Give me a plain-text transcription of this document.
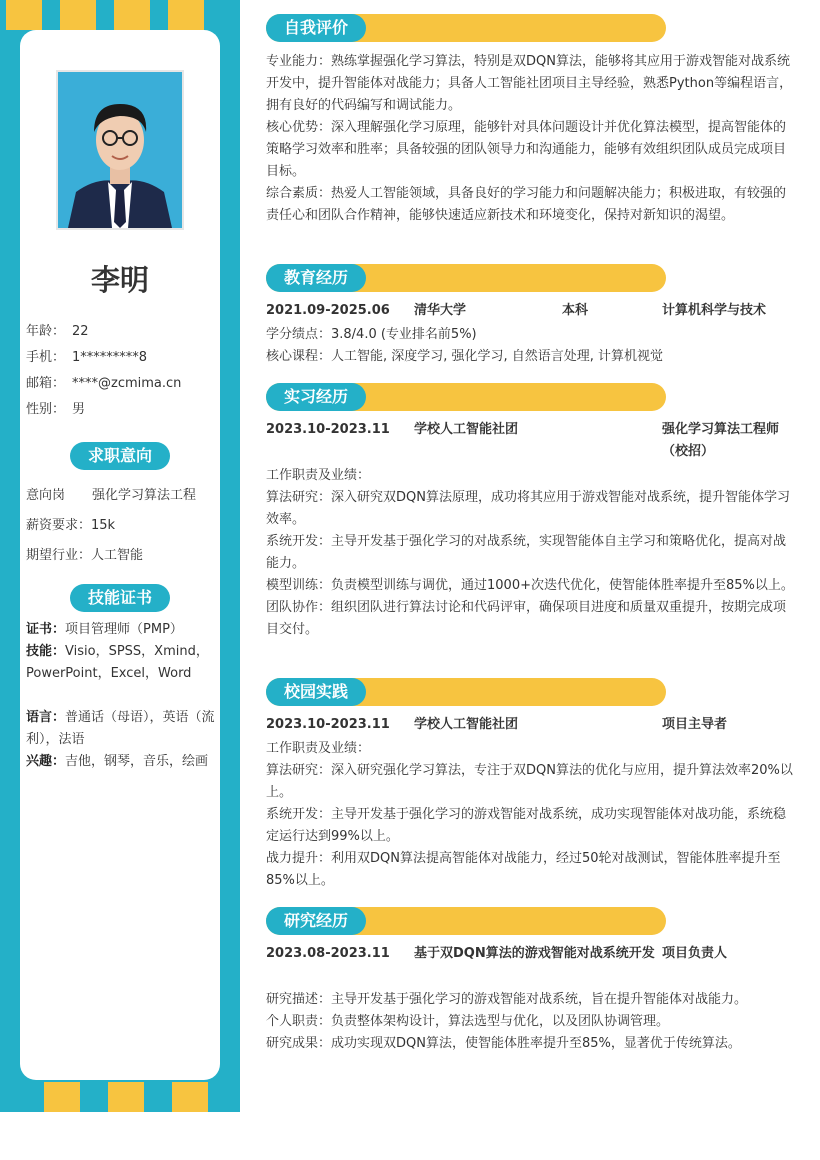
李明
年龄： 22
手机： 1*********8
邮箱： ****@zcmima.cn
性别： 男
求职意向
意向岗 强化学习算法工程
薪资要求：15k
期望行业：人工智能
技能证书
证书：项目管理师（PMP）
技能：Visio，SPSS，Xmind，PowerPoint，Excel，Word
语言：普通话（母语），英语（流利），法语
兴趣：吉他，钢琴，音乐，绘画
自我评价
专业能力：熟练掌握强化学习算法，特别是双DQN算法，能够将其应用于游戏智能对战系统开发中，提升智能体对战能力；具备人工智能社团项目主导经验，熟悉Python等编程语言，拥有良好的代码编写和调试能力。
核心优势：深入理解强化学习原理，能够针对具体问题设计并优化算法模型，提高智能体的策略学习效率和胜率；具备较强的团队领导力和沟通能力，能够有效组织团队成员完成项目目标。
综合素质：热爱人工智能领域，具备良好的学习能力和问题解决能力；积极进取，有较强的责任心和团队合作精神，能够快速适应新技术和环境变化，保持对新知识的渴望。
教育经历
2021.09-2025.06 清华大学	本科	计算机科学与技术
学分绩点：3.8/4.0 (专业排名前5%)
核心课程：人工智能, 深度学习, 强化学习, 自然语言处理, 计算机视觉
实习经历
2023.10-2023.11 学校人工智能社团	强化学习算法工程师（校招）
工作职责及业绩：
算法研究：深入研究双DQN算法原理，成功将其应用于游戏智能对战系统，提升智能体学习效率。
系统开发：主导开发基于强化学习的对战系统，实现智能体自主学习和策略优化，提高对战能力。
模型训练：负责模型训练与调优，通过1000+次迭代优化，使智能体胜率提升至85%以上。
团队协作：组织团队进行算法讨论和代码评审，确保项目进度和质量双重提升，按期完成项目交付。
校园实践
2023.10-2023.11 学校人工智能社团	项目主导者
工作职责及业绩：
算法研究：深入研究强化学习算法，专注于双DQN算法的优化与应用，提升算法效率20%以上。
系统开发：主导开发基于强化学习的游戏智能对战系统，成功实现智能体对战功能，系统稳定运行达到99%以上。
战力提升：利用双DQN算法提高智能体对战能力，经过50轮对战测试，智能体胜率提升至85%以上。
研究经历
2023.08-2023.11 基于双DQN算法的游戏智能对战系统开发 项目负责人
研究描述：主导开发基于强化学习的游戏智能对战系统，旨在提升智能体对战能力。
个人职责：负责整体架构设计，算法选型与优化，以及团队协调管理。
研究成果：成功实现双DQN算法，使智能体胜率提升至85%，显著优于传统算法。
